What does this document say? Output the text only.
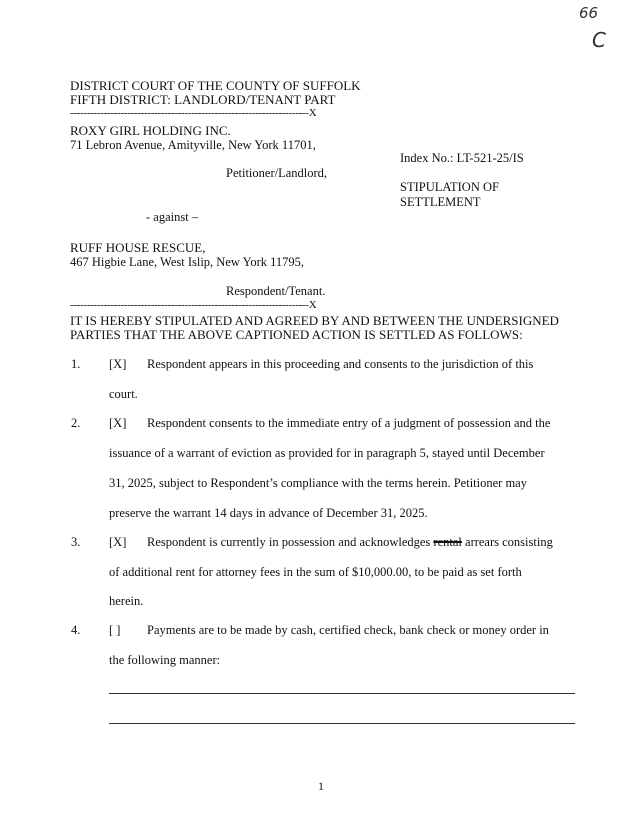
66
C
DISTRICT COURT OF THE COUNTY OF SUFFOLK
FIFTH DISTRICT: LANDLORD/TENANT PART
-----------------------------------------------------------------------X
ROXY GIRL HOLDING INC.
71 Lebron Avenue, Amityville, New York 11701,
Petitioner/Landlord,
Index No.: LT-521-25/IS
STIPULATION OF
SETTLEMENT
- against –
RUFF HOUSE RESCUE,
467 Higbie Lane, West Islip, New York 11795,
Respondent/Tenant.
-----------------------------------------------------------------------X
IT IS HEREBY STIPULATED AND AGREED BY AND BETWEEN THE UNDERSIGNED
PARTIES THAT THE ABOVE CAPTIONED ACTION IS SETTLED AS FOLLOWS:
1. [X] Respondent appears in this proceeding and consents to the jurisdiction of this
court.
2. [X] Respondent consents to the immediate entry of a judgment of possession and the
issuance of a warrant of eviction as provided for in paragraph 5, stayed until December
31, 2025, subject to Respondent’s compliance with the terms herein. Petitioner may
preserve the warrant 14 days in advance of December 31, 2025.
3. [X] Respondent is currently in possession and acknowledges rental arrears consisting
of additional rent for attorney fees in the sum of $10,000.00, to be paid as set forth
herein.
4. [ ] Payments are to be made by cash, certified check, bank check or money order in
the following manner:
1
